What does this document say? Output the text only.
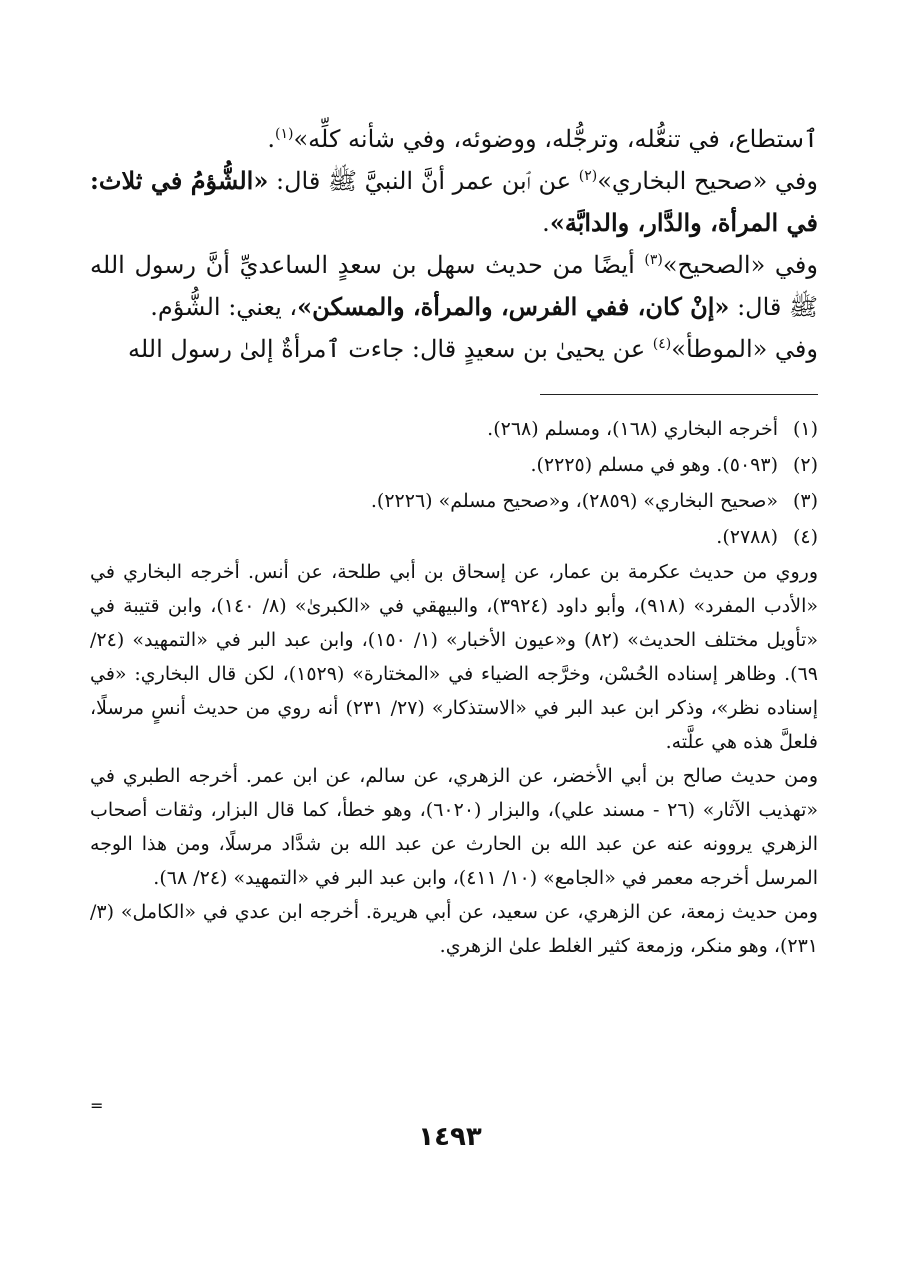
ٱستطاع، في تنعُّله، وترجُّله، ووضوئه، وفي شأنه كلِّه»$^{(١)}$.

وفي «صحيح البخاري»$^{(٢)}$ عن ٱبن عمر أنَّ النبيَّ ﷺ قال: «الشُّؤمُ في ثلاث: في المرأة، والدَّار، والدابَّة».

وفي «الصحيح»$^{(٣)}$ أيضًا من حديث سهل بن سعدٍ الساعديِّ أنَّ رسول الله ﷺ قال: «إنْ كان، ففي الفرس، والمرأة، والمسكن»، يعني: الشُّؤم.

وفي «الموطأ»$^{(٤)}$ عن يحيىٰ بن سعيدٍ قال: جاءت ٱمرأةٌ إلىٰ رسول الله

(١)
أخرجه البخاري (١٦٨)، ومسلم (٢٦٨).
(٢)
(٥٠٩٣). وهو في مسلم (٢٢٢٥).
(٣)
«صحيح البخاري» (٢٨٥٩)، و«صحيح مسلم» (٢٢٢٦).
(٤)
(٢٧٨٨).

وروي من حديث عكرمة بن عمار، عن إسحاق بن أبي طلحة، عن أنس. أخرجه البخاري في «الأدب المفرد» (٩١٨)، وأبو داود (٣٩٢٤)، والبيهقي في «الكبرىٰ» (٨/ ١٤٠)، وابن قتيبة في «تأويل مختلف الحديث» (٨٢) و«عيون الأخبار» (١/ ١٥٠)، وابن عبد البر في «التمهيد» (٢٤/ ٦٩). وظاهر إسناده الحُسْن، وخرَّجه الضياء في «المختارة» (١٥٢٩)، لكن قال البخاري: «في إسناده نظر»، وذكر ابن عبد البر في «الاستذكار» (٢٧/ ٢٣١) أنه روي من حديث أنسٍ مرسلًا، فلعلَّ هذه هي علَّته.

ومن حديث صالح بن أبي الأخضر، عن الزهري، عن سالم، عن ابن عمر. أخرجه الطبري في «تهذيب الآثار» (٢٦ - مسند علي)، والبزار (٦٠٢٠)، وهو خطأ، كما قال البزار، وثقات أصحاب الزهري يروونه عنه عن عبد الله بن الحارث عن عبد الله بن شدَّاد مرسلًا، ومن هذا الوجه المرسل أخرجه معمر في «الجامع» (١٠/ ٤١١)، وابن عبد البر في «التمهيد» (٢٤/ ٦٨).

ومن حديث زمعة، عن الزهري، عن سعيد، عن أبي هريرة. أخرجه ابن عدي في «الكامل» (٣/ ٢٣١)، وهو منكر، وزمعة كثير الغلط علىٰ الزهري.

=
١٤٩٣
